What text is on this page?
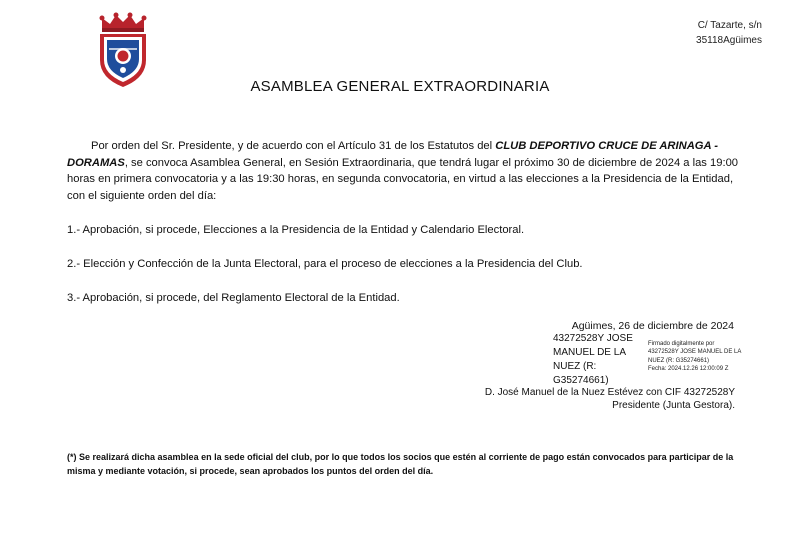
C/ Tazarte, s/n
35118Agüimes
ASAMBLEA GENERAL EXTRAORDINARIA
Por orden del Sr. Presidente, y de acuerdo con el Artículo 31 de los Estatutos del CLUB DEPORTIVO CRUCE DE ARINAGA - DORAMAS, se convoca Asamblea General, en Sesión Extraordinaria, que tendrá lugar el próximo 30 de diciembre de 2024 a las 19:00 horas en primera convocatoria y a las 19:30 horas, en segunda convocatoria, en virtud a las elecciones a la Presidencia de la Entidad, con el siguiente orden del día:
1.- Aprobación, si procede, Elecciones a la Presidencia de la Entidad y Calendario Electoral.
2.- Elección y Confección de la Junta Electoral, para el proceso de elecciones a la Presidencia del Club.
3.- Aprobación, si procede, del Reglamento Electoral de la Entidad.
Agüimes, 26 de diciembre de 2024
43272528Y JOSE MANUEL DE LA NUEZ (R: G35274661)
Firmado digitalmente por
43272528Y JOSE MANUEL DE LA NUEZ (R: G35274661)
Fecha: 2024.12.26 12:00:09 Z
D. José Manuel de la Nuez Estévez con CIF 43272528Y
Presidente (Junta Gestora).
(*) Se realizará dicha asamblea en la sede oficial del club, por lo que todos los socios que estén al corriente de pago están convocados para participar de la misma y mediante votación, si procede, sean aprobados los puntos del orden del día.
